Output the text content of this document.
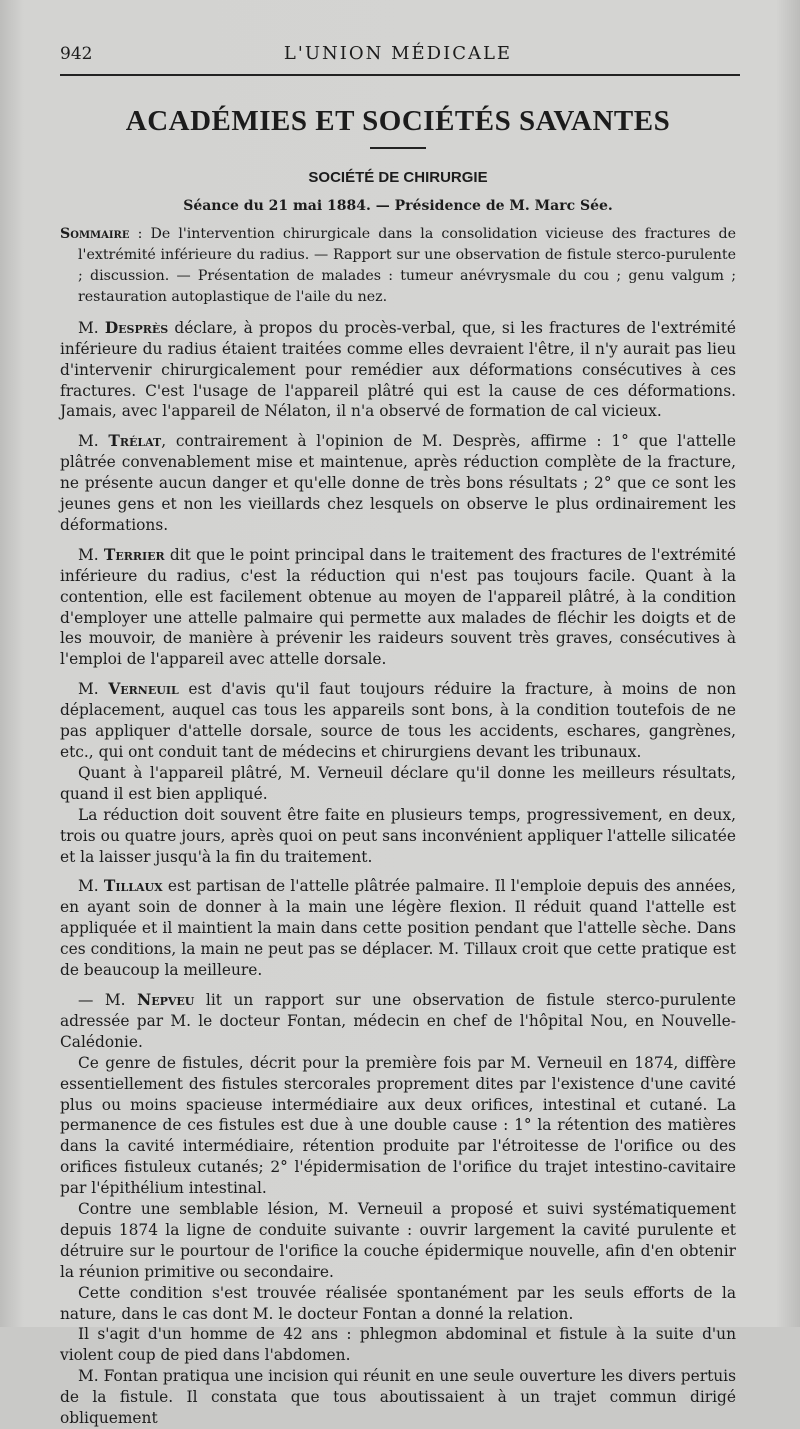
942	L'UNION MÉDICALE
ACADÉMIES ET SOCIÉTÉS SAVANTES
SOCIÉTÉ DE CHIRURGIE
Séance du 21 mai 1884. — Présidence de M. Marc Sée.
Sommaire : De l'intervention chirurgicale dans la consolidation vicieuse des fractures de l'extrémité inférieure du radius. — Rapport sur une observation de fistule sterco-purulente ; discussion. — Présentation de malades : tumeur anévrysmale du cou ; genu valgum ; restauration autoplastique de l'aile du nez.

M. Desprès déclare, à propos du procès-verbal, que, si les fractures de l'extrémité inférieure du radius étaient traitées comme elles devraient l'être, il n'y aurait pas lieu d'intervenir chirurgicalement pour remédier aux déformations consécutives à ces fractures. C'est l'usage de l'appareil plâtré qui est la cause de ces déformations. Jamais, avec l'appareil de Nélaton, il n'a observé de formation de cal vicieux.

M. Trélat, contrairement à l'opinion de M. Desprès, affirme : 1° que l'attelle plâtrée convenablement mise et maintenue, après réduction complète de la fracture, ne présente aucun danger et qu'elle donne de très bons résultats ; 2° que ce sont les jeunes gens et non les vieillards chez lesquels on observe le plus ordinairement les déformations.

M. Terrier dit que le point principal dans le traitement des fractures de l'extrémité inférieure du radius, c'est la réduction qui n'est pas toujours facile. Quant à la contention, elle est facilement obtenue au moyen de l'appareil plâtré, à la condition d'employer une attelle palmaire qui permette aux malades de fléchir les doigts et de les mouvoir, de manière à prévenir les raideurs souvent très graves, consécutives à l'emploi de l'appareil avec attelle dorsale.

M. Verneuil est d'avis qu'il faut toujours réduire la fracture, à moins de non déplacement, auquel cas tous les appareils sont bons, à la condition toutefois de ne pas appliquer d'attelle dorsale, source de tous les accidents, eschares, gangrènes, etc., qui ont conduit tant de médecins et chirurgiens devant les tribunaux.

Quant à l'appareil plâtré, M. Verneuil déclare qu'il donne les meilleurs résultats, quand il est bien appliqué.

La réduction doit souvent être faite en plusieurs temps, progressivement, en deux, trois ou quatre jours, après quoi on peut sans inconvénient appliquer l'attelle silicatée et la laisser jusqu'à la fin du traitement.

M. Tillaux est partisan de l'attelle plâtrée palmaire. Il l'emploie depuis des années, en ayant soin de donner à la main une légère flexion. Il réduit quand l'attelle est appliquée et il maintient la main dans cette position pendant que l'attelle sèche. Dans ces conditions, la main ne peut pas se déplacer. M. Tillaux croit que cette pratique est de beaucoup la meilleure.

— M. Nepveu lit un rapport sur une observation de fistule sterco-purulente adressée par M. le docteur Fontan, médecin en chef de l'hôpital Nou, en Nouvelle-Calédonie.

Ce genre de fistules, décrit pour la première fois par M. Verneuil en 1874, diffère essentiellement des fistules stercorales proprement dites par l'existence d'une cavité plus ou moins spacieuse intermédiaire aux deux orifices, intestinal et cutané. La permanence de ces fistules est due à une double cause : 1° la rétention des matières dans la cavité intermédiaire, rétention produite par l'étroitesse de l'orifice ou des orifices fistuleux cutanés; 2° l'épidermisation de l'orifice du trajet intestino-cavitaire par l'épithélium intestinal.

Contre une semblable lésion, M. Verneuil a proposé et suivi systématiquement depuis 1874 la ligne de conduite suivante : ouvrir largement la cavité purulente et détruire sur le pourtour de l'orifice la couche épidermique nouvelle, afin d'en obtenir la réunion primitive ou secondaire.

Cette condition s'est trouvée réalisée spontanément par les seuls efforts de la nature, dans le cas dont M. le docteur Fontan a donné la relation.

Il s'agit d'un homme de 42 ans : phlegmon abdominal et fistule à la suite d'un violent coup de pied dans l'abdomen.

M. Fontan pratiqua une incision qui réunit en une seule ouverture les divers pertuis de la fistule. Il constata que tous aboutissaient à un trajet commun dirigé obliquement
